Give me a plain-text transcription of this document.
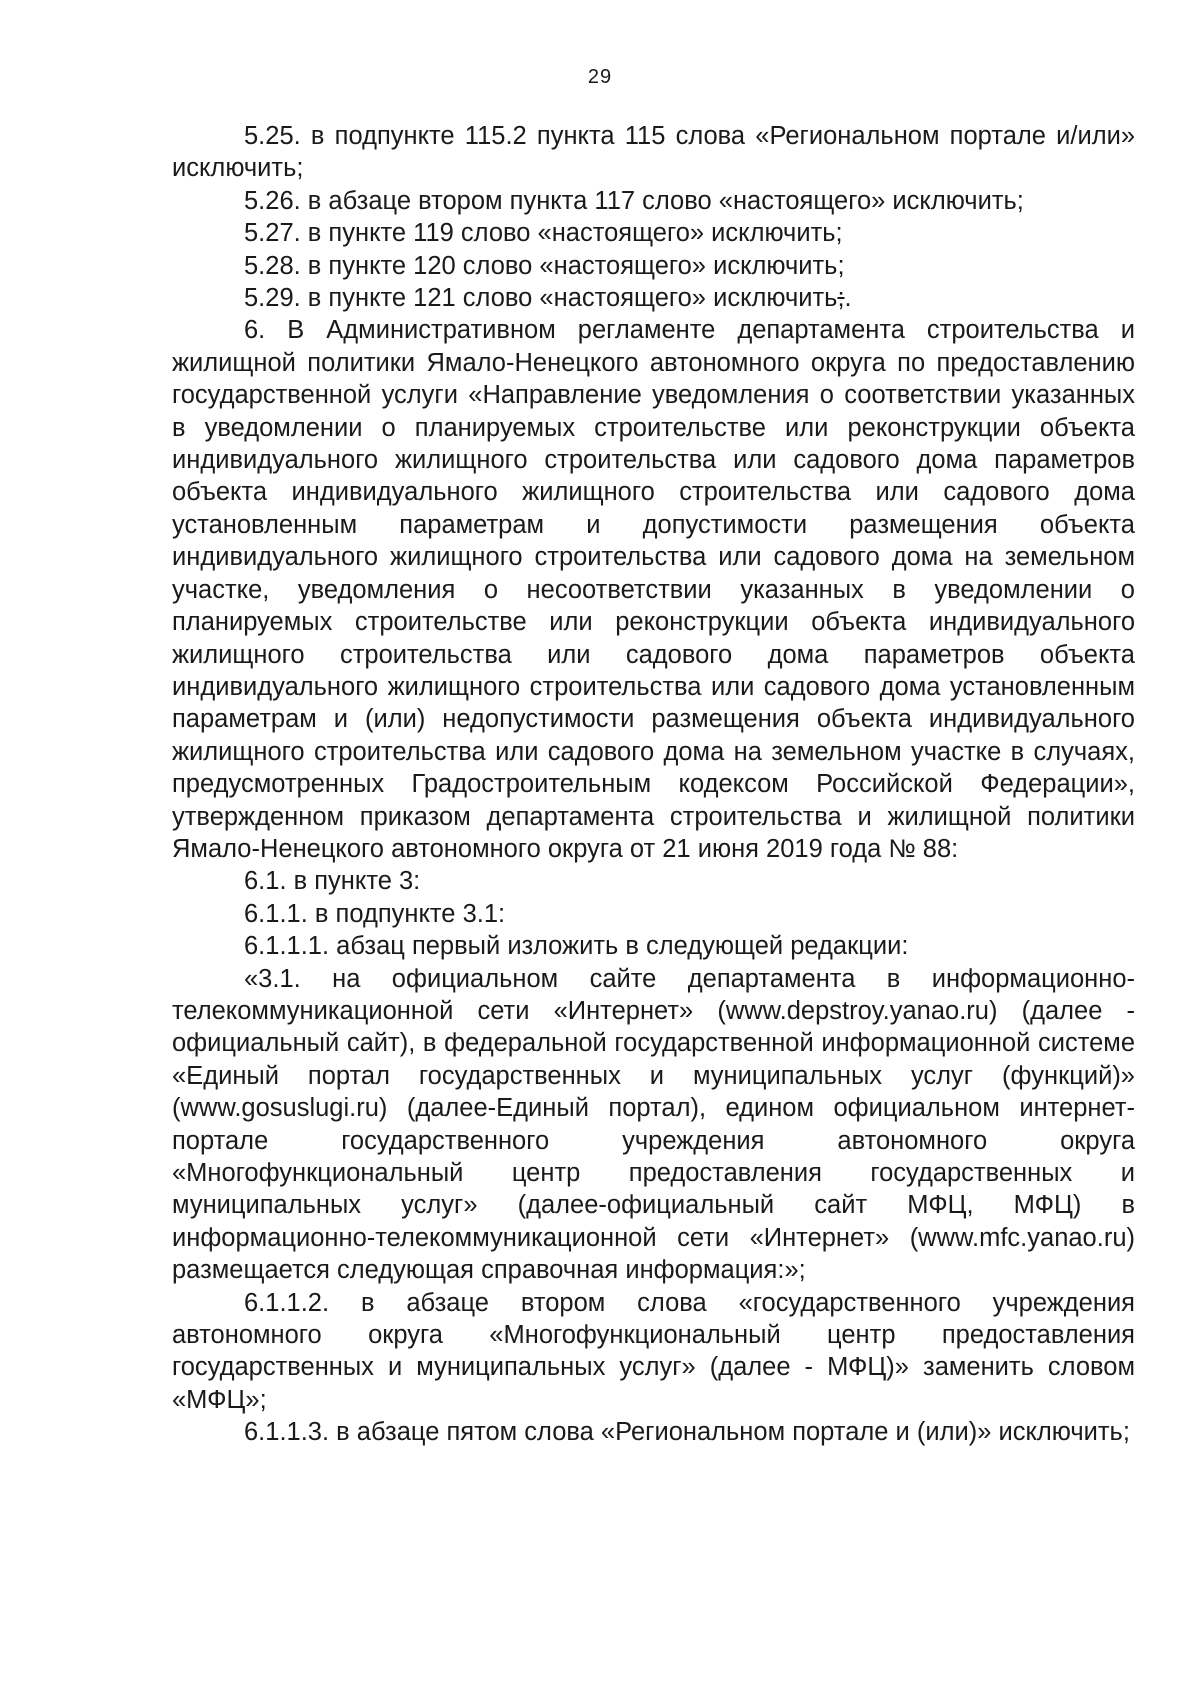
29

5.25. в подпункте 115.2 пункта 115 слова «Региональном портале и/или» исключить;

5.26. в абзаце втором пункта 117 слово «настоящего» исключить;

5.27. в пункте 119 слово «настоящего» исключить;

5.28. в пункте 120 слово «настоящего» исключить;

5.29. в пункте 121 слово «настоящего» исключить;.

6. В Административном регламенте департамента строительства и жилищной политики Ямало-Ненецкого автономного округа по предоставлению государственной услуги «Направление уведомления о соответствии указанных в уведомлении о планируемых строительстве или реконструкции объекта индивидуального жилищного строительства или садового дома параметров объекта индивидуального жилищного строительства или садового дома установленным параметрам и допустимости размещения объекта индивидуального жилищного строительства или садового дома на земельном участке, уведомления о несоответствии указанных в уведомлении о планируемых строительстве или реконструкции объекта индивидуального жилищного строительства или садового дома параметров объекта индивидуального жилищного строительства или садового дома установленным параметрам и (или) недопустимости размещения объекта индивидуального жилищного строительства или садового дома на земельном участке в случаях, предусмотренных Градостроительным кодексом Российской Федерации», утвержденном приказом департамента строительства и жилищной политики Ямало-Ненецкого автономного округа от 21 июня 2019 года № 88:

6.1. в пункте 3:

6.1.1. в подпункте 3.1:

6.1.1.1. абзац первый изложить в следующей редакции:

«3.1. на официальном сайте департамента в информационно-телекоммуникационной сети «Интернет» (www.depstroy.yanao.ru) (далее - официальный сайт), в федеральной государственной информационной системе «Единый портал государственных и муниципальных услуг (функций)» (www.gosuslugi.ru) (далее-Единый портал), едином официальном интернет-портале государственного учреждения автономного округа «Многофункциональный центр предоставления государственных и муниципальных услуг» (далее-официальный сайт МФЦ, МФЦ) в информационно-телекоммуникационной сети «Интернет» (www.mfc.yanao.ru) размещается следующая справочная информация:»;

6.1.1.2. в абзаце втором слова «государственного учреждения автономного округа «Многофункциональный центр предоставления государственных и муниципальных услуг» (далее - МФЦ)» заменить словом «МФЦ»;

6.1.1.3. в абзаце пятом слова «Региональном портале и (или)» исключить;
